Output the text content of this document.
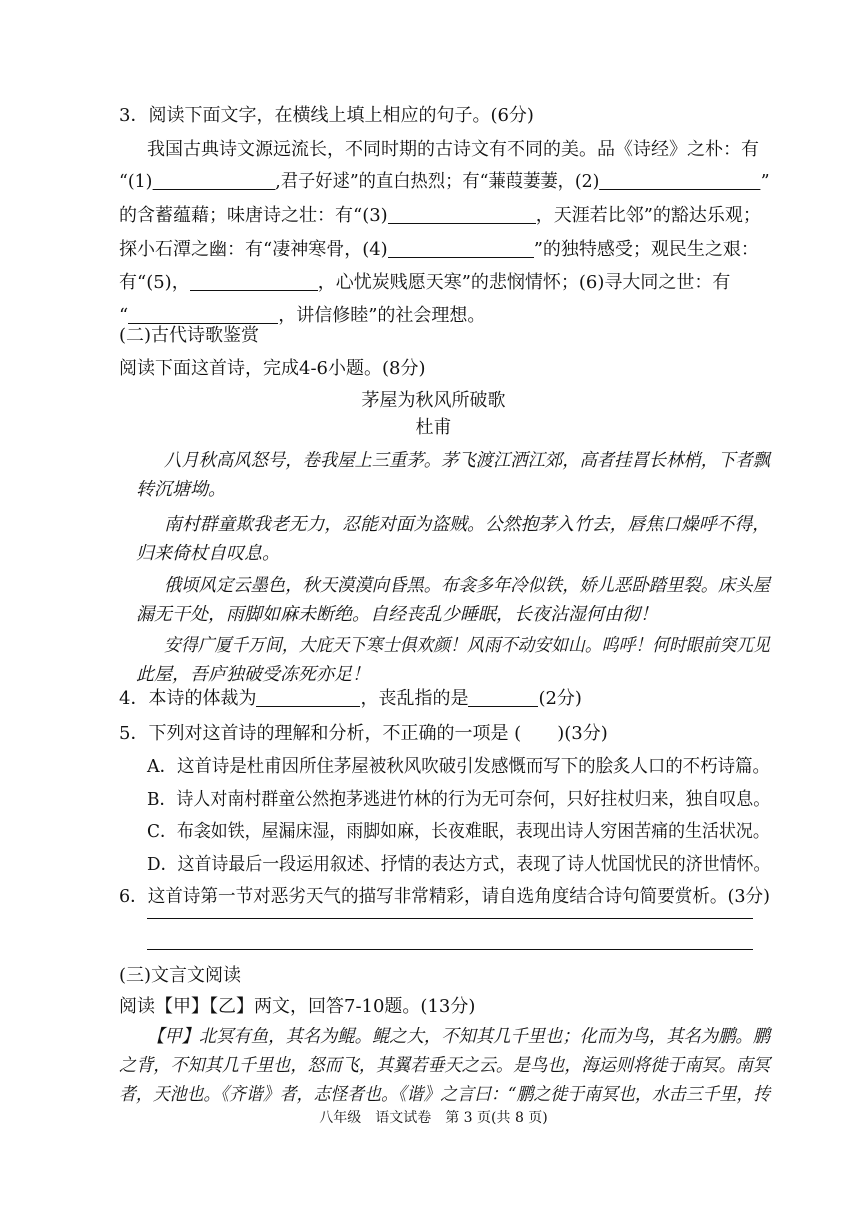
3．阅读下面文字，在横线上填上相应的句子。(6分)
我国古典诗文源远流长，不同时期的古诗文有不同的美。品《诗经》之朴：有
“(1)	,君子好逑”的直白热烈；有“蒹葭萋萋，(2)	”
的含蓄蕴藉；味唐诗之壮：有“(3)	，天涯若比邻”的豁达乐观；
探小石潭之幽：有“凄神寒骨，(4)	”的独特感受；观民生之艰：
有“(5)，	，心忧炭贱愿天寒”的悲悯情怀；(6)寻大同之世：有
“	，讲信修睦”的社会理想。
(二)古代诗歌鉴赏
阅读下面这首诗，完成4-6小题。(8分)
茅屋为秋风所破歌
杜甫
八月秋高风怒号，卷我屋上三重茅。茅飞渡江洒江郊，高者挂罥长林梢，下者飘
转沉塘坳。
南村群童欺我老无力，忍能对面为盗贼。公然抱茅入竹去，唇焦口燥呼不得，
归来倚杖自叹息。
俄顷风定云墨色，秋天漠漠向昏黑。布衾多年冷似铁，娇儿恶卧踏里裂。床头屋
漏无干处，雨脚如麻未断绝。自经丧乱少睡眠，长夜沾湿何由彻！
安得广厦千万间，大庇天下寒士俱欢颜！风雨不动安如山。呜呼！何时眼前突兀见
此屋，吾庐独破受冻死亦足！
4．本诗的体裁为	，丧乱指的是	(2分)
5．下列对这首诗的理解和分析，不正确的一项是 (　　)(3分)
A．这首诗是杜甫因所住茅屋被秋风吹破引发感慨而写下的脍炙人口的不朽诗篇。
B．诗人对南村群童公然抱茅逃进竹林的行为无可奈何，只好拄杖归来，独自叹息。
C．布衾如铁，屋漏床湿，雨脚如麻，长夜难眠，表现出诗人穷困苦痛的生活状况。
D．这首诗最后一段运用叙述、抒情的表达方式，表现了诗人忧国忧民的济世情怀。
6．这首诗第一节对恶劣天气的描写非常精彩，请自选角度结合诗句简要赏析。(3分)
(三)文言文阅读
阅读【甲】【乙】两文，回答7-10题。(13分)
【甲】北冥有鱼，其名为鲲。鲲之大，不知其几千里也；化而为鸟，其名为鹏。鹏
之背，不知其几千里也，怒而飞，其翼若垂天之云。是鸟也，海运则将徙于南冥。南冥
者，天池也。《齐谐》者，志怪者也。《谐》之言曰：“鹏之徙于南冥也，水击三千里，抟
八年级　语文试卷　第 3 页(共 8 页)
